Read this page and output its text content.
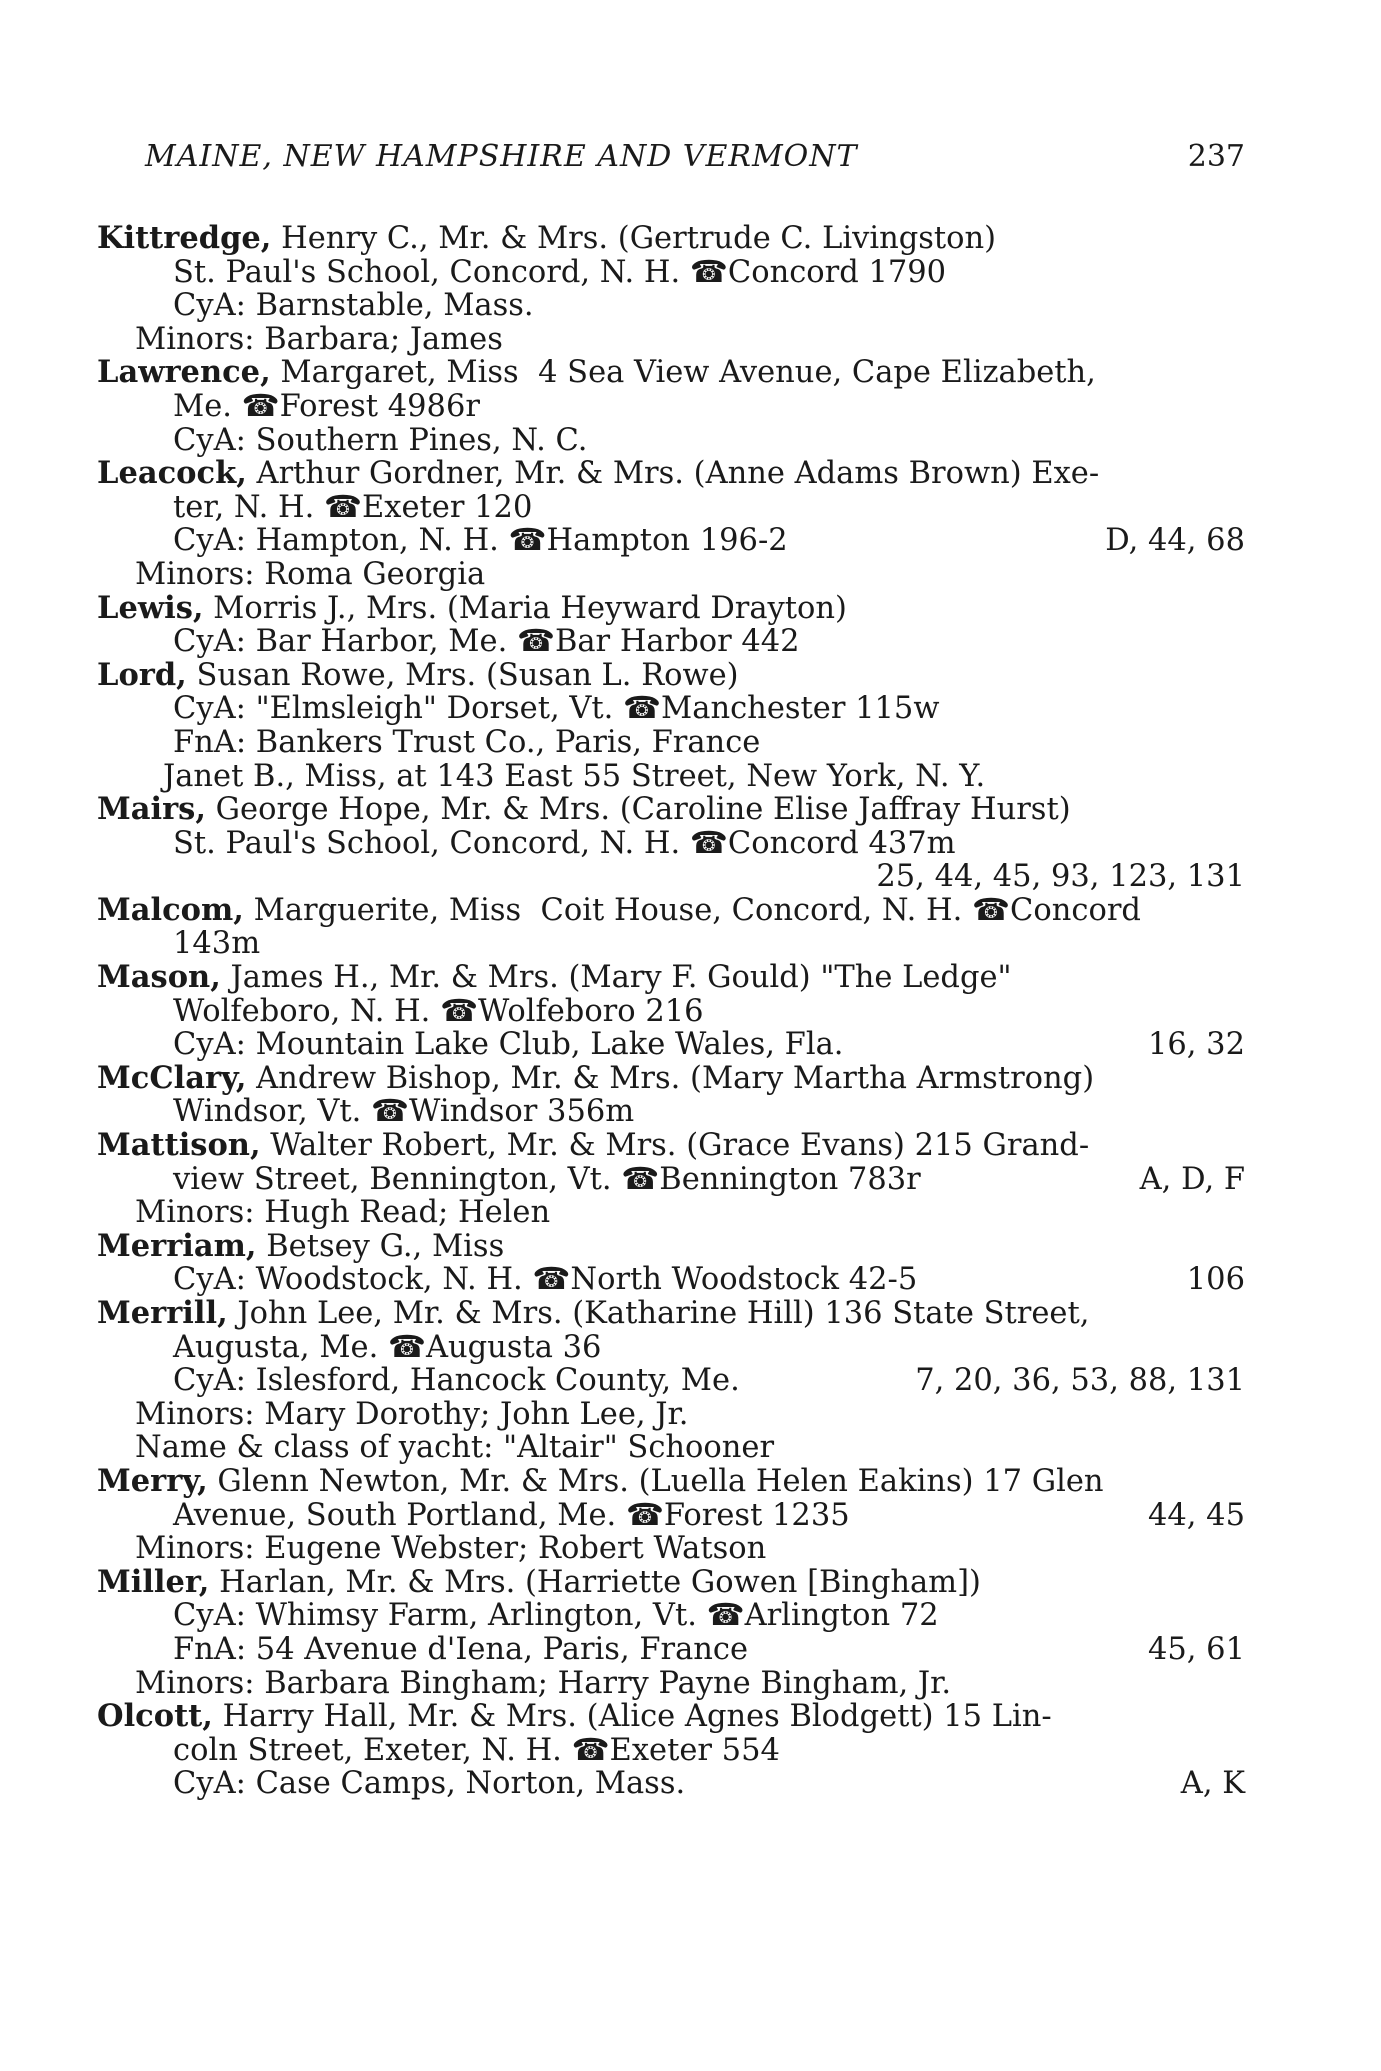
MAINE, NEW HAMPSHIRE AND VERMONT	237
Kittredge, Henry C., Mr. & Mrs. (Gertrude C. Livingston)
St. Paul's School, Concord, N. H. ☎Concord 1790
CyA: Barnstable, Mass.
Minors: Barbara; James
Lawrence, Margaret, Miss  4 Sea View Avenue, Cape Elizabeth,
Me. ☎Forest 4986r
CyA: Southern Pines, N. C.
Leacock, Arthur Gordner, Mr. & Mrs. (Anne Adams Brown) Exe-
ter, N. H. ☎Exeter 120
CyA: Hampton, N. H. ☎Hampton 196-2	D, 44, 68
Minors: Roma Georgia
Lewis, Morris J., Mrs. (Maria Heyward Drayton)
CyA: Bar Harbor, Me. ☎Bar Harbor 442
Lord, Susan Rowe, Mrs. (Susan L. Rowe)
CyA: "Elmsleigh" Dorset, Vt. ☎Manchester 115w
FnA: Bankers Trust Co., Paris, France
Janet B., Miss, at 143 East 55 Street, New York, N. Y.
Mairs, George Hope, Mr. & Mrs. (Caroline Elise Jaffray Hurst)
St. Paul's School, Concord, N. H. ☎Concord 437m
25, 44, 45, 93, 123, 131
Malcom, Marguerite, Miss  Coit House, Concord, N. H. ☎Concord
143m
Mason, James H., Mr. & Mrs. (Mary F. Gould) "The Ledge"
Wolfeboro, N. H. ☎Wolfeboro 216
CyA: Mountain Lake Club, Lake Wales, Fla.	16, 32
McClary, Andrew Bishop, Mr. & Mrs. (Mary Martha Armstrong)
Windsor, Vt. ☎Windsor 356m
Mattison, Walter Robert, Mr. & Mrs. (Grace Evans) 215 Grand-
view Street, Bennington, Vt. ☎Bennington 783r	A, D, F
Minors: Hugh Read; Helen
Merriam, Betsey G., Miss
CyA: Woodstock, N. H. ☎North Woodstock 42-5	106
Merrill, John Lee, Mr. & Mrs. (Katharine Hill) 136 State Street,
Augusta, Me. ☎Augusta 36
CyA: Islesford, Hancock County, Me.	7, 20, 36, 53, 88, 131
Minors: Mary Dorothy; John Lee, Jr.
Name & class of yacht: "Altair" Schooner
Merry, Glenn Newton, Mr. & Mrs. (Luella Helen Eakins) 17 Glen
Avenue, South Portland, Me. ☎Forest 1235	44, 45
Minors: Eugene Webster; Robert Watson
Miller, Harlan, Mr. & Mrs. (Harriette Gowen [Bingham])
CyA: Whimsy Farm, Arlington, Vt. ☎Arlington 72
FnA: 54 Avenue d'Iena, Paris, France	45, 61
Minors: Barbara Bingham; Harry Payne Bingham, Jr.
Olcott, Harry Hall, Mr. & Mrs. (Alice Agnes Blodgett) 15 Lin-
coln Street, Exeter, N. H. ☎Exeter 554
CyA: Case Camps, Norton, Mass.	A, K
